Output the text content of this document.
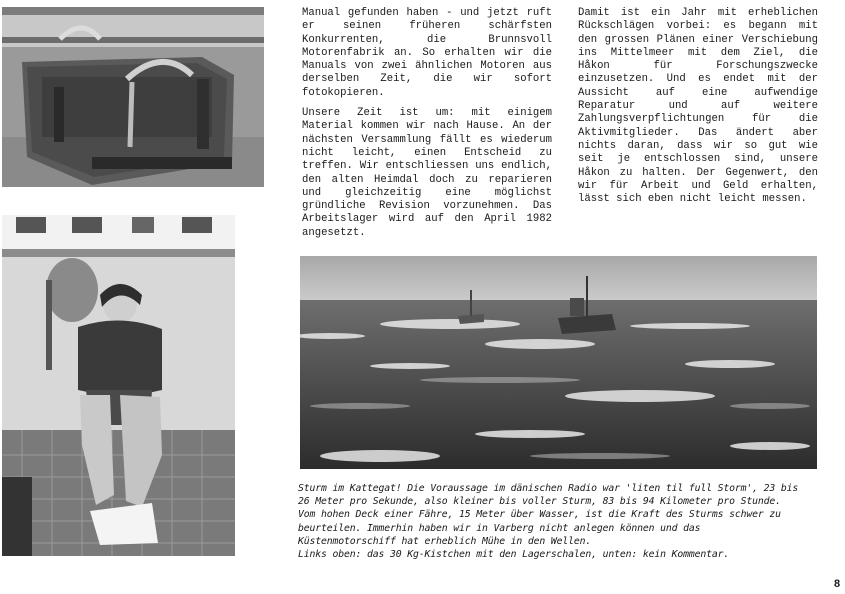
Manual gefunden haben - und jetzt ruft er seinen früheren schärfsten Konkurrenten, die Brunnsvoll Motorenfabrik an. So erhalten wir die Manuals von zwei ähnlichen Motoren aus derselben Zeit, die wir sofort fotokopieren.

Unsere Zeit ist um: mit einigem Material kommen wir nach Hause. An der nächsten Versammlung fällt es wiederum nicht leicht, einen Entscheid zu treffen. Wir entschliessen uns endlich, den alten Heimdal doch zu reparieren und gleichzeitig eine möglichst gründliche Revision vorzunehmen. Das Arbeitslager wird auf den April 1982 angesetzt.

Damit ist ein Jahr mit erheblichen Rückschlägen vorbei: es begann mit den grossen Plänen einer Verschiebung ins Mittelmeer mit dem Ziel, die Håkon für Forschungszwecke einzusetzen. Und es endet mit der Aussicht auf eine aufwendige Reparatur und auf weitere Zahlungsverpflichtungen für die Aktivmitglieder. Das ändert aber nichts daran, dass wir so gut wie seit je entschlossen sind, unsere Håkon zu halten. Der Gegenwert, den wir für Arbeit und Geld erhalten, lässt sich eben nicht leicht messen.

Sturm im Kattegat! Die Voraussage im dänischen Radio war 'liten til full Storm', 23 bis 26 Meter pro Sekunde, also kleiner bis voller Sturm, 83 bis 94 Kilometer pro Stunde. Vom hohen Deck einer Fähre, 15 Meter über Wasser, ist die Kraft des Sturms schwer zu beurteilen. Immerhin haben wir in Varberg nicht anlegen können und das Küstenmotorschiff hat erheblich Mühe in den Wellen.

Links oben: das 30 Kg-Kistchen mit den Lagerschalen, unten: kein Kommentar.

8
